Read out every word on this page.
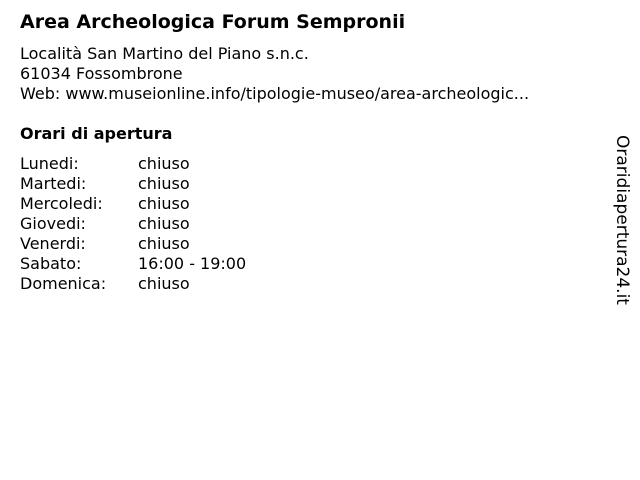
Area Archeologica Forum Sempronii
Località San Martino del Piano s.n.c.
61034 Fossombrone
Web: www.museionline.info/tipologie-museo/area-archeologic...
Orari di apertura
Lunedi:	chiuso
Martedi:	chiuso
Mercoledi:	chiuso
Giovedi:	chiuso
Venerdi:	chiuso
Sabato:	16:00 - 19:00
Domenica:	chiuso	Oraridiapertura24.it
